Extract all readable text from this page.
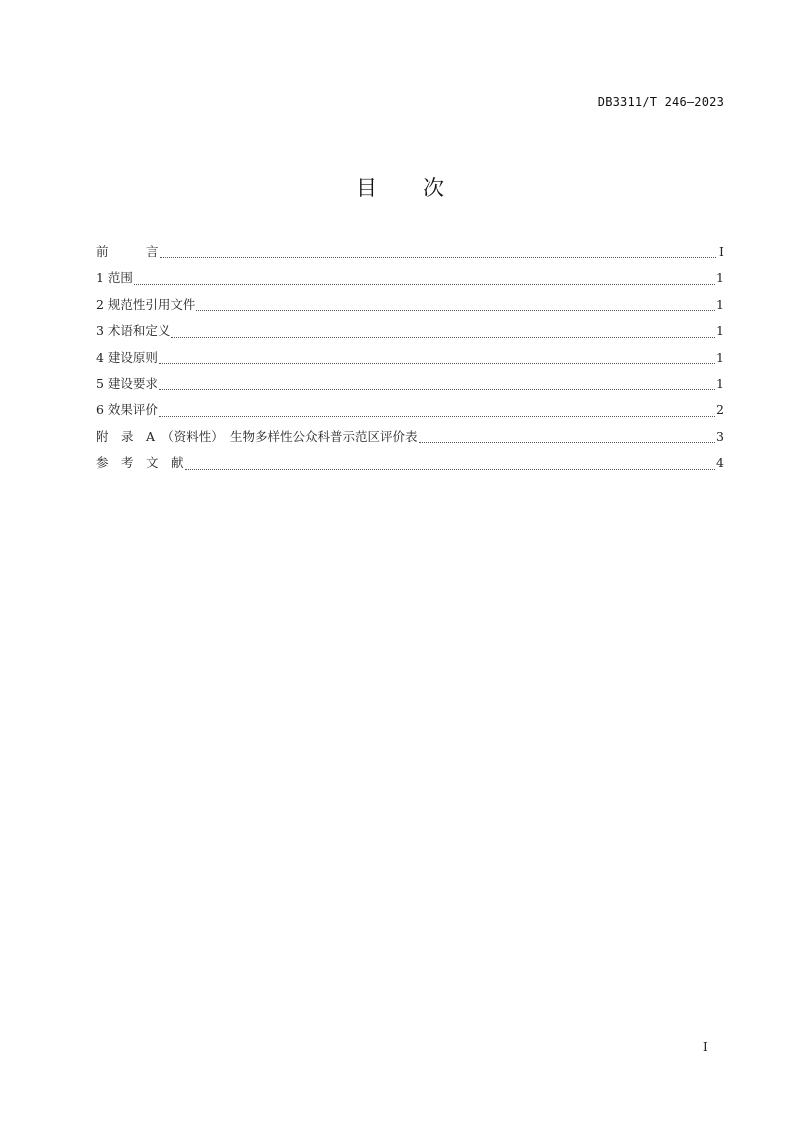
DB3311/T 246—2023
目 次
前　　　言	I
1 范围	1
2 规范性引用文件	1
3 术语和定义	1
4 建设原则	1
5 建设要求	1
6 效果评价	2
附　录　A　（资料性）　生物多样性公众科普示范区评价表	3
参　考　文　献	4
I
